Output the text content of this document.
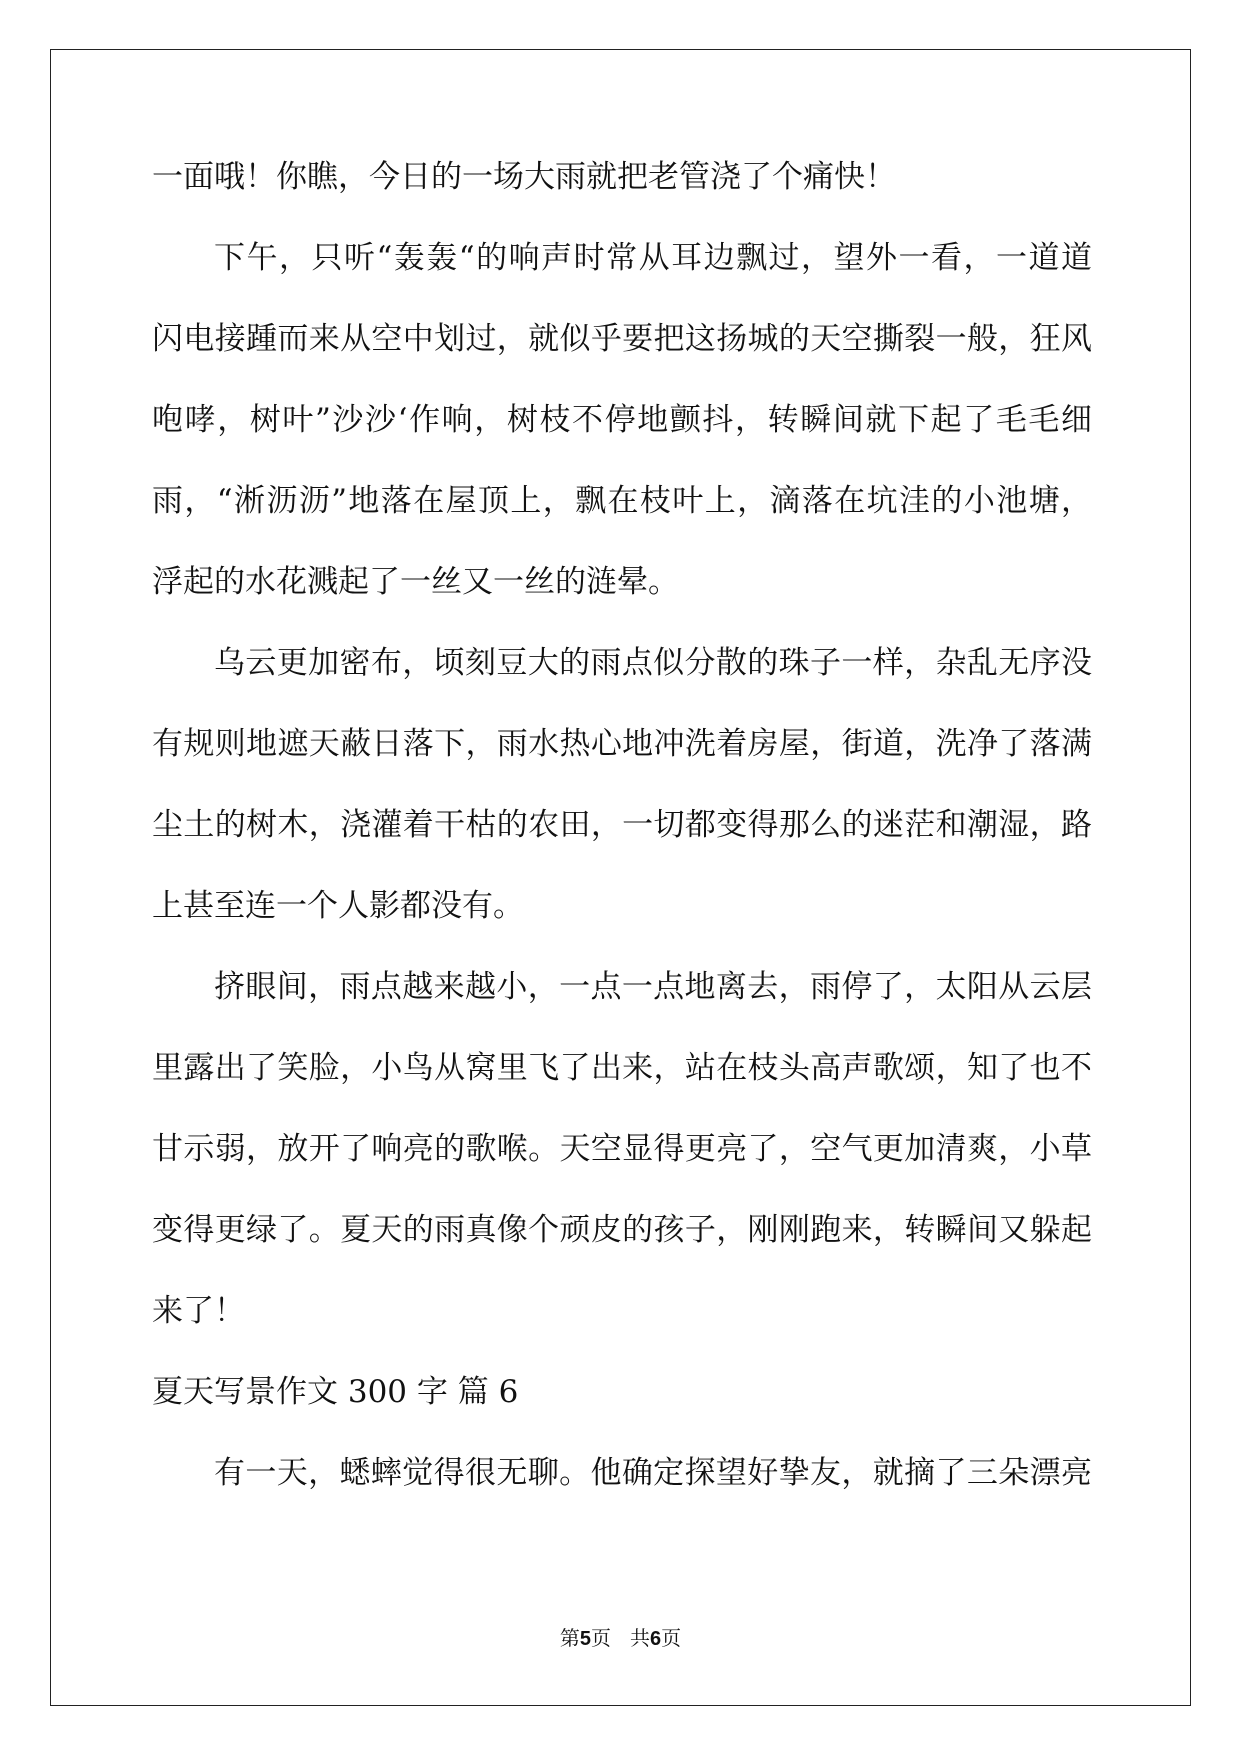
一面哦！你瞧，今日的一场大雨就把老管浇了个痛快！
下午，只听“轰轰“的响声时常从耳边飘过，望外一看，一道道
闪电接踵而来从空中划过，就似乎要把这扬城的天空撕裂一般，狂风
咆哮，树叶”沙沙‘作响，树枝不停地颤抖，转瞬间就下起了毛毛细
雨，“淅沥沥”地落在屋顶上，飘在枝叶上，滴落在坑洼的小池塘，
浮起的水花溅起了一丝又一丝的涟晕。
乌云更加密布，顷刻豆大的雨点似分散的珠子一样，杂乱无序没
有规则地遮天蔽日落下，雨水热心地冲洗着房屋，街道，洗净了落满
尘土的树木，浇灌着干枯的农田，一切都变得那么的迷茫和潮湿，路
上甚至连一个人影都没有。
挤眼间，雨点越来越小，一点一点地离去，雨停了，太阳从云层
里露出了笑脸，小鸟从窝里飞了出来，站在枝头高声歌颂，知了也不
甘示弱，放开了响亮的歌喉。天空显得更亮了，空气更加清爽，小草
变得更绿了。夏天的雨真像个顽皮的孩子，刚刚跑来，转瞬间又躲起
来了！
夏天写景作文 300 字 篇 6
有一天，蟋蟀觉得很无聊。他确定探望好挚友，就摘了三朵漂亮
第5页 共6页
